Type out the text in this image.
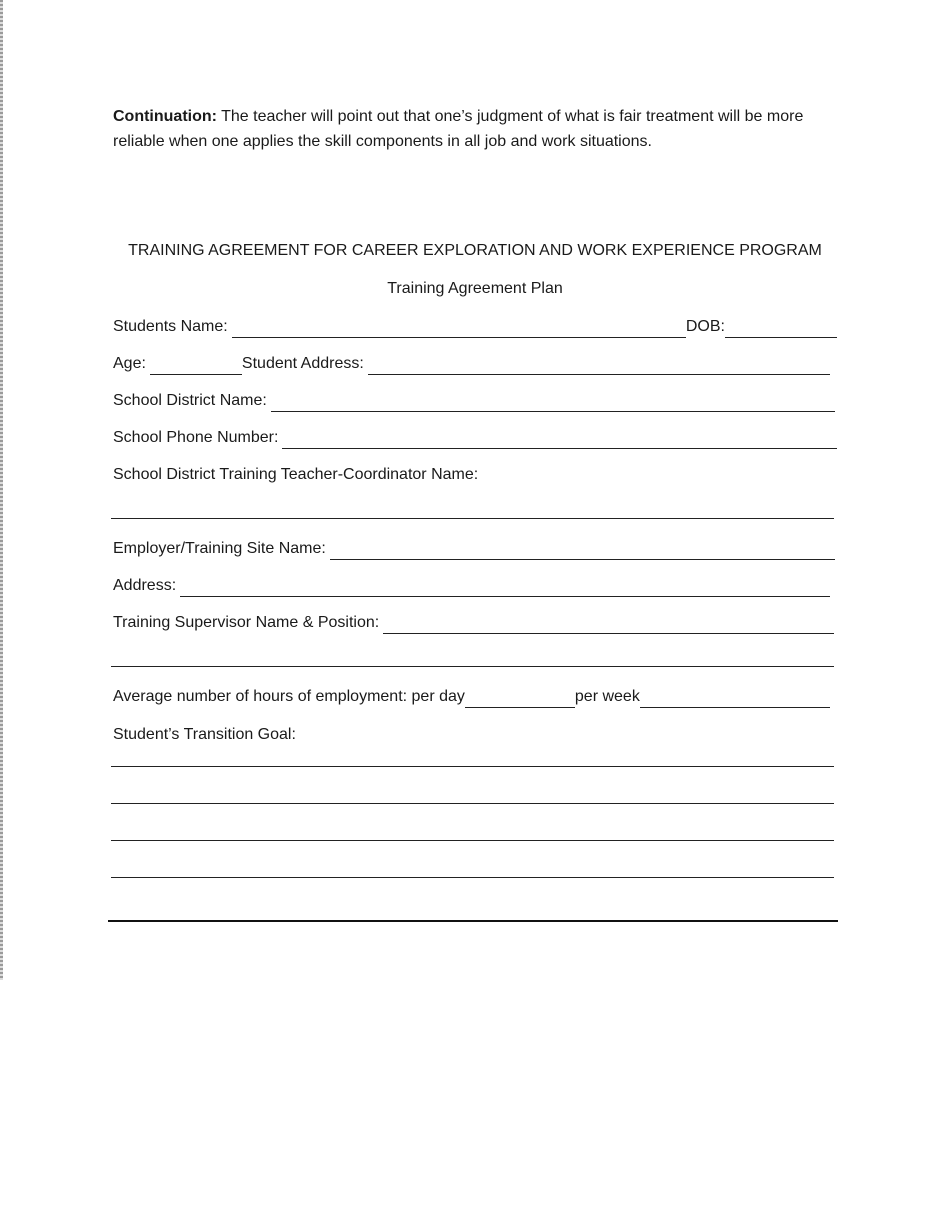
Continuation: The teacher will point out that one’s judgment of what is fair treatment will be more reliable when one applies the skill components in all job and work situations.

TRAINING AGREEMENT FOR CAREER EXPLORATION AND WORK EXPERIENCE PROGRAM
Training Agreement Plan
Students Name:	DOB:
Age:	Student Address:
School District Name:
School Phone Number:
School District Training Teacher-Coordinator Name:
Employer/Training Site Name:
Address:
Training Supervisor Name & Position:
Average number of hours of employment: per day	per week
Student’s Transition Goal:
